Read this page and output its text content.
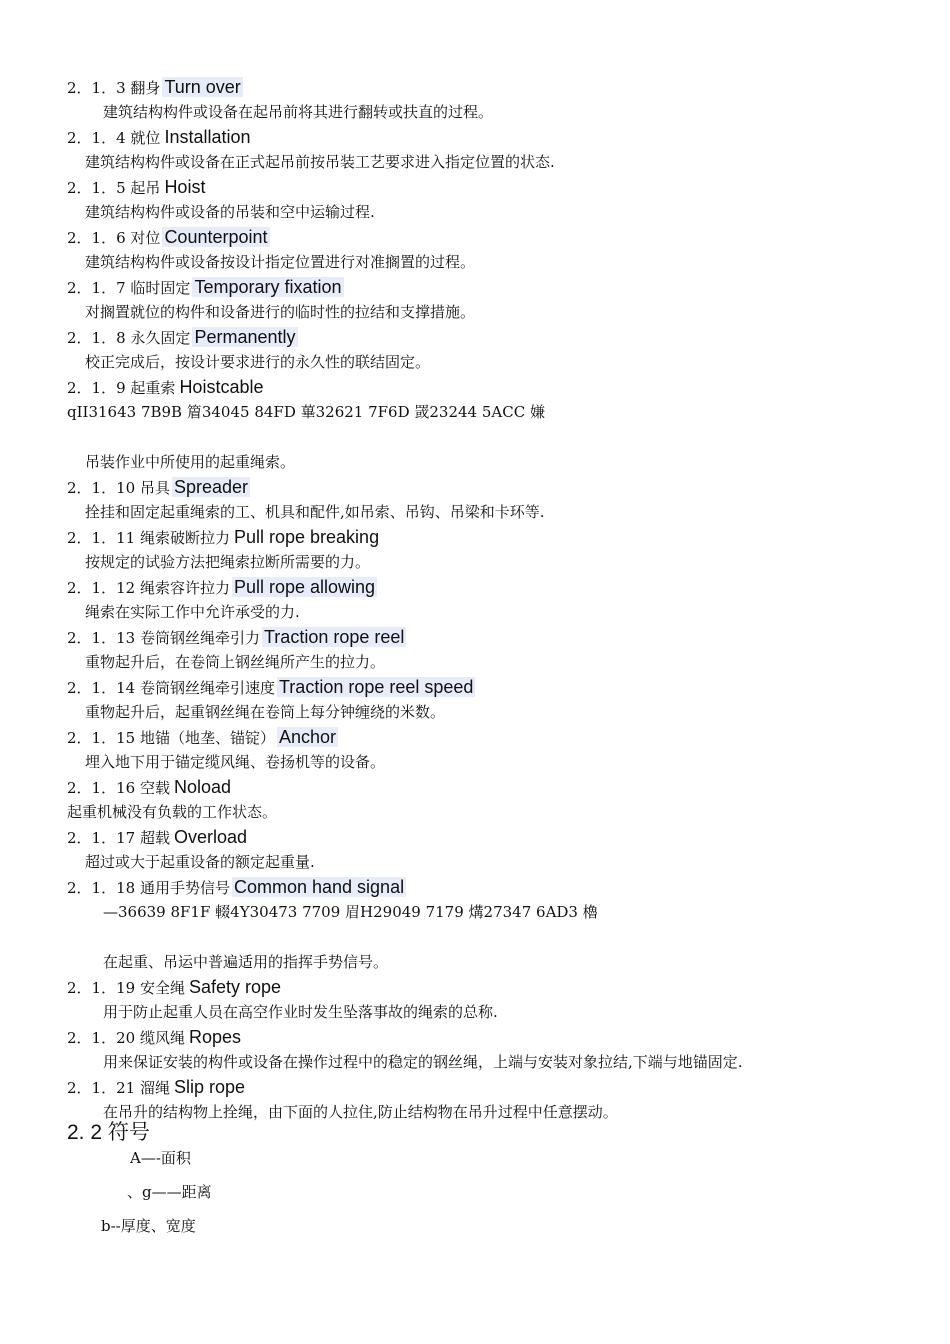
2．1．3 翻身 Turn over
建筑结构构件或设备在起吊前将其进行翻转或扶直的过程。
2．1．4 就位 Installation
建筑结构构件或设备在正式起吊前按吊装工艺要求进入指定位置的状态.
2．1．5 起吊 Hoist
建筑结构构件或设备的吊装和空中运输过程.
2．1．6 对位 Counterpoint
建筑结构构件或设备按设计指定位置进行对准搁置的过程。
2．1．7 临时固定 Temporary fixation
对搁置就位的构件和设备进行的临时性的拉结和支撑措施。
2．1．8 永久固定 Permanently
校正完成后，按设计要求进行的永久性的联结固定。
2．1．9 起重索 Hoistcable
qII31643 7B9B 篃34045 84FD 蓽32621 7F6D 罭23244 5ACC 嫌
吊装作业中所使用的起重绳索。
2．1．10 吊具 Spreader
拴挂和固定起重绳索的工、机具和配件,如吊索、吊钩、吊梁和卡环等.
2．1．11 绳索破断拉力 Pull rope breaking
按规定的试验方法把绳索拉断所需要的力。
2．1．12 绳索容许拉力 Pull rope allowing
绳索在实际工作中允许承受的力.
2．1．13 卷筒钢丝绳牵引力 Traction rope reel
重物起升后，在卷筒上钢丝绳所产生的拉力。
2．1．14 卷筒钢丝绳牵引速度 Traction rope reel speed
重物起升后，起重钢丝绳在卷筒上每分钟缠绕的米数。
2．1．15 地锚（地垄、锚锭） Anchor
埋入地下用于锚定缆风绳、卷扬机等的设备。
2．1．16 空载 Noload
起重机械没有负载的工作状态。
2．1．17 超载 Overload
超过或大于起重设备的额定起重量.
2．1．18 通用手势信号 Common hand signal
—36639 8F1F 輟4Y30473 7709 眉H29049 7179 煹27347 6AD3 櫓
在起重、吊运中普遍适用的指挥手势信号。
2．1．19 安全绳 Safety rope
用于防止起重人员在高空作业时发生坠落事故的绳索的总称.
2．1．20 缆风绳 Ropes
用来保证安装的构件或设备在操作过程中的稳定的钢丝绳，上端与安装对象拉结,下端与地锚固定.
2．1．21 溜绳 Slip rope
在吊升的结构物上拴绳，由下面的人拉住,防止结构物在吊升过程中任意摆动。
2. 2 符号
A—-面积
、g——距离
b--厚度、宽度
